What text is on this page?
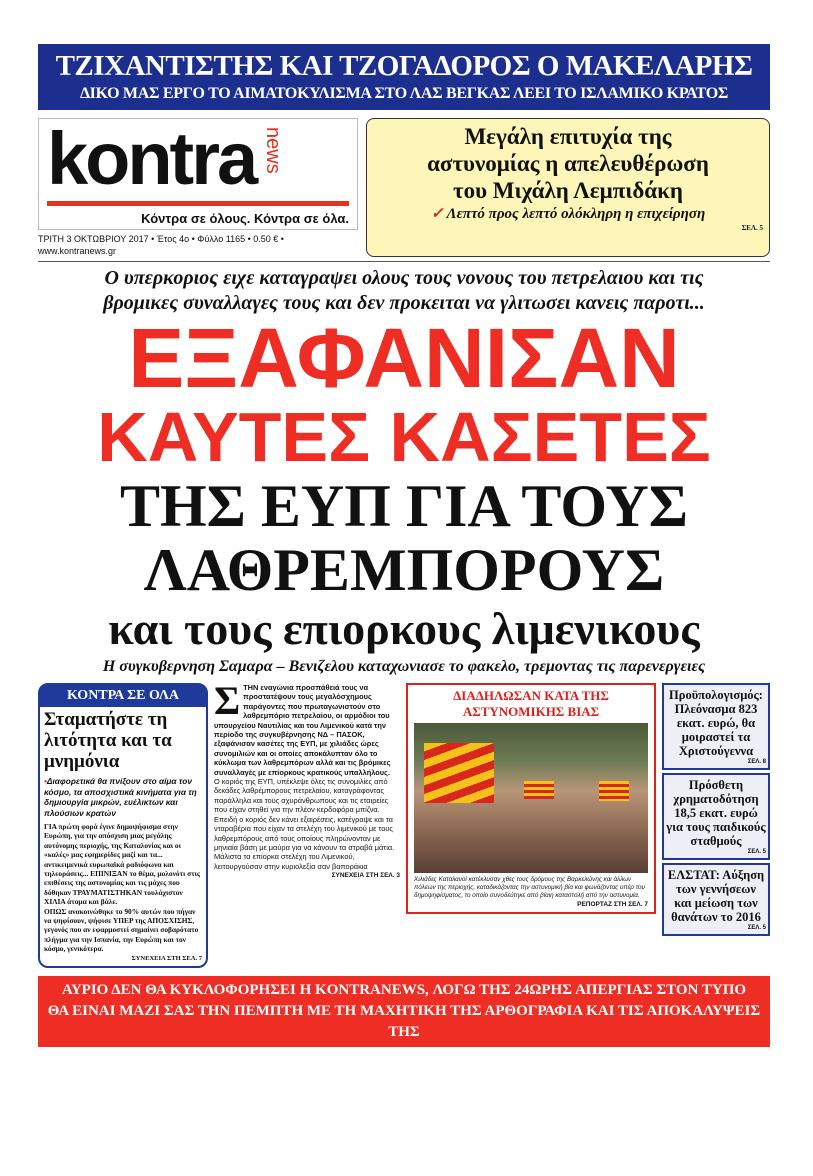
ΤΖΙΧΑΝΤΙΣΤΗΣ ΚΑΙ ΤΖΟΓΑΔΟΡΟΣ Ο ΜΑΚΕΛΑΡΗΣ
ΔΙΚΟ ΜΑΣ ΕΡΓΟ ΤΟ ΑΙΜΑΤΟΚΥΛΙΣΜΑ ΣΤΟ ΛΑΣ ΒΕΓΚΑΣ ΛΕΕΙ ΤΟ ΙΣΛΑΜΙΚΟ ΚΡΑΤΟΣ
kontra news
Κόντρα σε όλους. Κόντρα σε όλα.
ΤΡΙΤΗ 3 ΟΚΤΩΒΡΙΟΥ 2017 • Έτος 4ο • Φύλλο 1165 • 0.50 € • www.kontranews.gr
Μεγάλη επιτυχία της
αστυνομίας η απελευθέρωση
του Μιχάλη Λεμπιδάκη
✓ Λεπτό προς λεπτό ολόκληρη η επιχείρηση
ΣΕΛ. 5
Ο υπερκοριος ειχε καταγραψει ολους τους νονους του πετρελαιου και τις
βρομικες συναλλαγες τους και δεν προκειται να γλιτωσει κανεις παροτι...
ΕΞΑΦΑΝΙΣΑΝ
ΚΑΥΤΕΣ ΚΑΣΕΤΕΣ
ΤΗΣ ΕΥΠ ΓΙΑ ΤΟΥΣ
ΛΑΘΡΕΜΠΟΡΟΥΣ
και τους επιορκους λιμενικους
Η συγκυβερνηση Σαμαρα – Βενιζελου καταχωνιασε το φακελο, τρεμοντας τις παρενεργειες
ΚΟΝΤΡΑ ΣΕ ΟΛΑ
Σταματήστε τη λιτότητα και τα μνημόνια
•Διαφορετικά θα πνίξουν στο αίμα τον κόσμο, τα αποσχιστικά κινήματα για τη δημιουργία μικρών, ευέλικτων και πλούσιων κρατών

ΓΙΑ πρώτη φορά έγινε δημοψήφισμα στην Ευρώπη, για την απόσχιση μιας μεγάλης αυτόνομης περιοχής, της Καταλονίας και οι «καλές» μας εφημερίδες μαζί και τα... αντικειμενικά ευρωπαϊκά ραδιόφωνα και τηλεοράσεις... ΕΠΙΝΙΞΑΝ το θέμα, μολονότι στις επιθέσεις της αστυνομίας και τις μάχες που δόθηκαν ΤΡΑΥΜΑΤΙΣΤΗΚΑΝ τουλάχιστον ΧΙΛΙΑ άτομα και βάλε.

ΟΠΩΣ ανακοινώθηκε το 90% αυτών που πήγαν να ψηφίσουν, ψήφισε ΥΠΕΡ της ΑΠΟΣΧΙΣΗΣ, γεγονός που αν εφαρμοστεί σημαίνει σοβαρότατο πλήγμα για την Ισπανία, την Ευρώπη και τον κόσμο, γενικότερα.

ΣΥΝΕΧΕΙΑ ΣΤΗ ΣΕΛ. 7
Σ ΤΗΝ εναγώνια προσπάθειά τους να προστατέψουν τους μεγαλόσχημους παράγοντες που πρωταγωνιστούν στο λαθρεμπόριο πετρελαίου, οι αρμόδιοι του υπουργείου Ναυτιλίας και του Λιμενικού κατά την περίοδο της συγκυβέρνησης ΝΔ – ΠΑΣΟΚ, εξαφάνισαν κασέτες της ΕΥΠ, με χιλιάδες ώρες συνομιλιών και οι οποίες αποκάλυπταν όλο το κύκλωμα των λαθρεμπόρων αλλά και τις βρόμικες συναλλαγές με επίορκους κρατικούς υπαλλήλους.

Ο κοριός της ΕΥΠ, υπέκλεψε όλες τις συνομιλίες από δεκάδες λαθρέμπορους πετρελαίου, καταγράφοντας παράλληλα και τους αχυράνθρωπους και τις εταιρείες που είχαν στηθεί για την πλέον κερδοφόρα μπίζνα.

Επειδή ο κοριός δεν κάνει εξαιρέσεις, κατέγραψε και τα νταραβέρια που είχαν τα στελέχη του λιμενικού με τους λαθρεμπόρους από τους οποίους πληρώνονταν με μηνιαία βάση με μαύρα για να κάνουν τα στραβά μάτια.

Μάλιστα τα επίορκα στελέχη του Λιμενικού, λειτουργούσαν στην κυριολεξία σαν βαποράκια

ΣΥΝΕΧΕΙΑ ΣΤΗ ΣΕΛ. 3
ΔΙΑΔΗΛΩΣΑΝ ΚΑΤΑ ΤΗΣ ΑΣΤΥΝΟΜΙΚΗΣ ΒΙΑΣ
Χιλιάδες Καταλανοί κατέκλυσαν χθες τους δρόμους της Βαρκελώνης και άλλων πόλεων της περιοχής, καταδικάζοντας την αστυνομική βία και φωνάζοντας υπέρ του δημοψηφίσματος, το οποίο συνοδεύτηκε από βίαιη καταστολή από την αστυνομία.
ΡΕΠΟΡΤΑΖ ΣΤΗ ΣΕΛ. 7
Προϋπολογισμός: Πλεόνασμα 823 εκατ. ευρώ, θα μοιραστεί τα Χριστούγεννα
ΣΕΛ. 8
Πρόσθετη χρηματοδότηση 18,5 εκατ. ευρώ για τους παιδικούς σταθμούς
ΣΕΛ. 5
ΕΛΣΤΑΤ: Αύξηση των γεννήσεων και μείωση των θανάτων το 2016
ΣΕΛ. 5
ΑΥΡΙΟ ΔΕΝ ΘΑ ΚΥΚΛΟΦΟΡΗΣΕΙ Η KONTRANEWS, ΛΟΓΩ ΤΗΣ 24ΩΡΗΣ ΑΠΕΡΓΙΑΣ ΣΤΟΝ ΤΥΠΟ
ΘΑ ΕΙΝΑΙ ΜΑΖΙ ΣΑΣ ΤΗΝ ΠΕΜΠΤΗ ΜΕ ΤΗ ΜΑΧΗΤΙΚΗ ΤΗΣ ΑΡΘΟΓΡΑΦΙΑ ΚΑΙ ΤΙΣ ΑΠΟΚΑΛΥΨΕΙΣ ΤΗΣ
